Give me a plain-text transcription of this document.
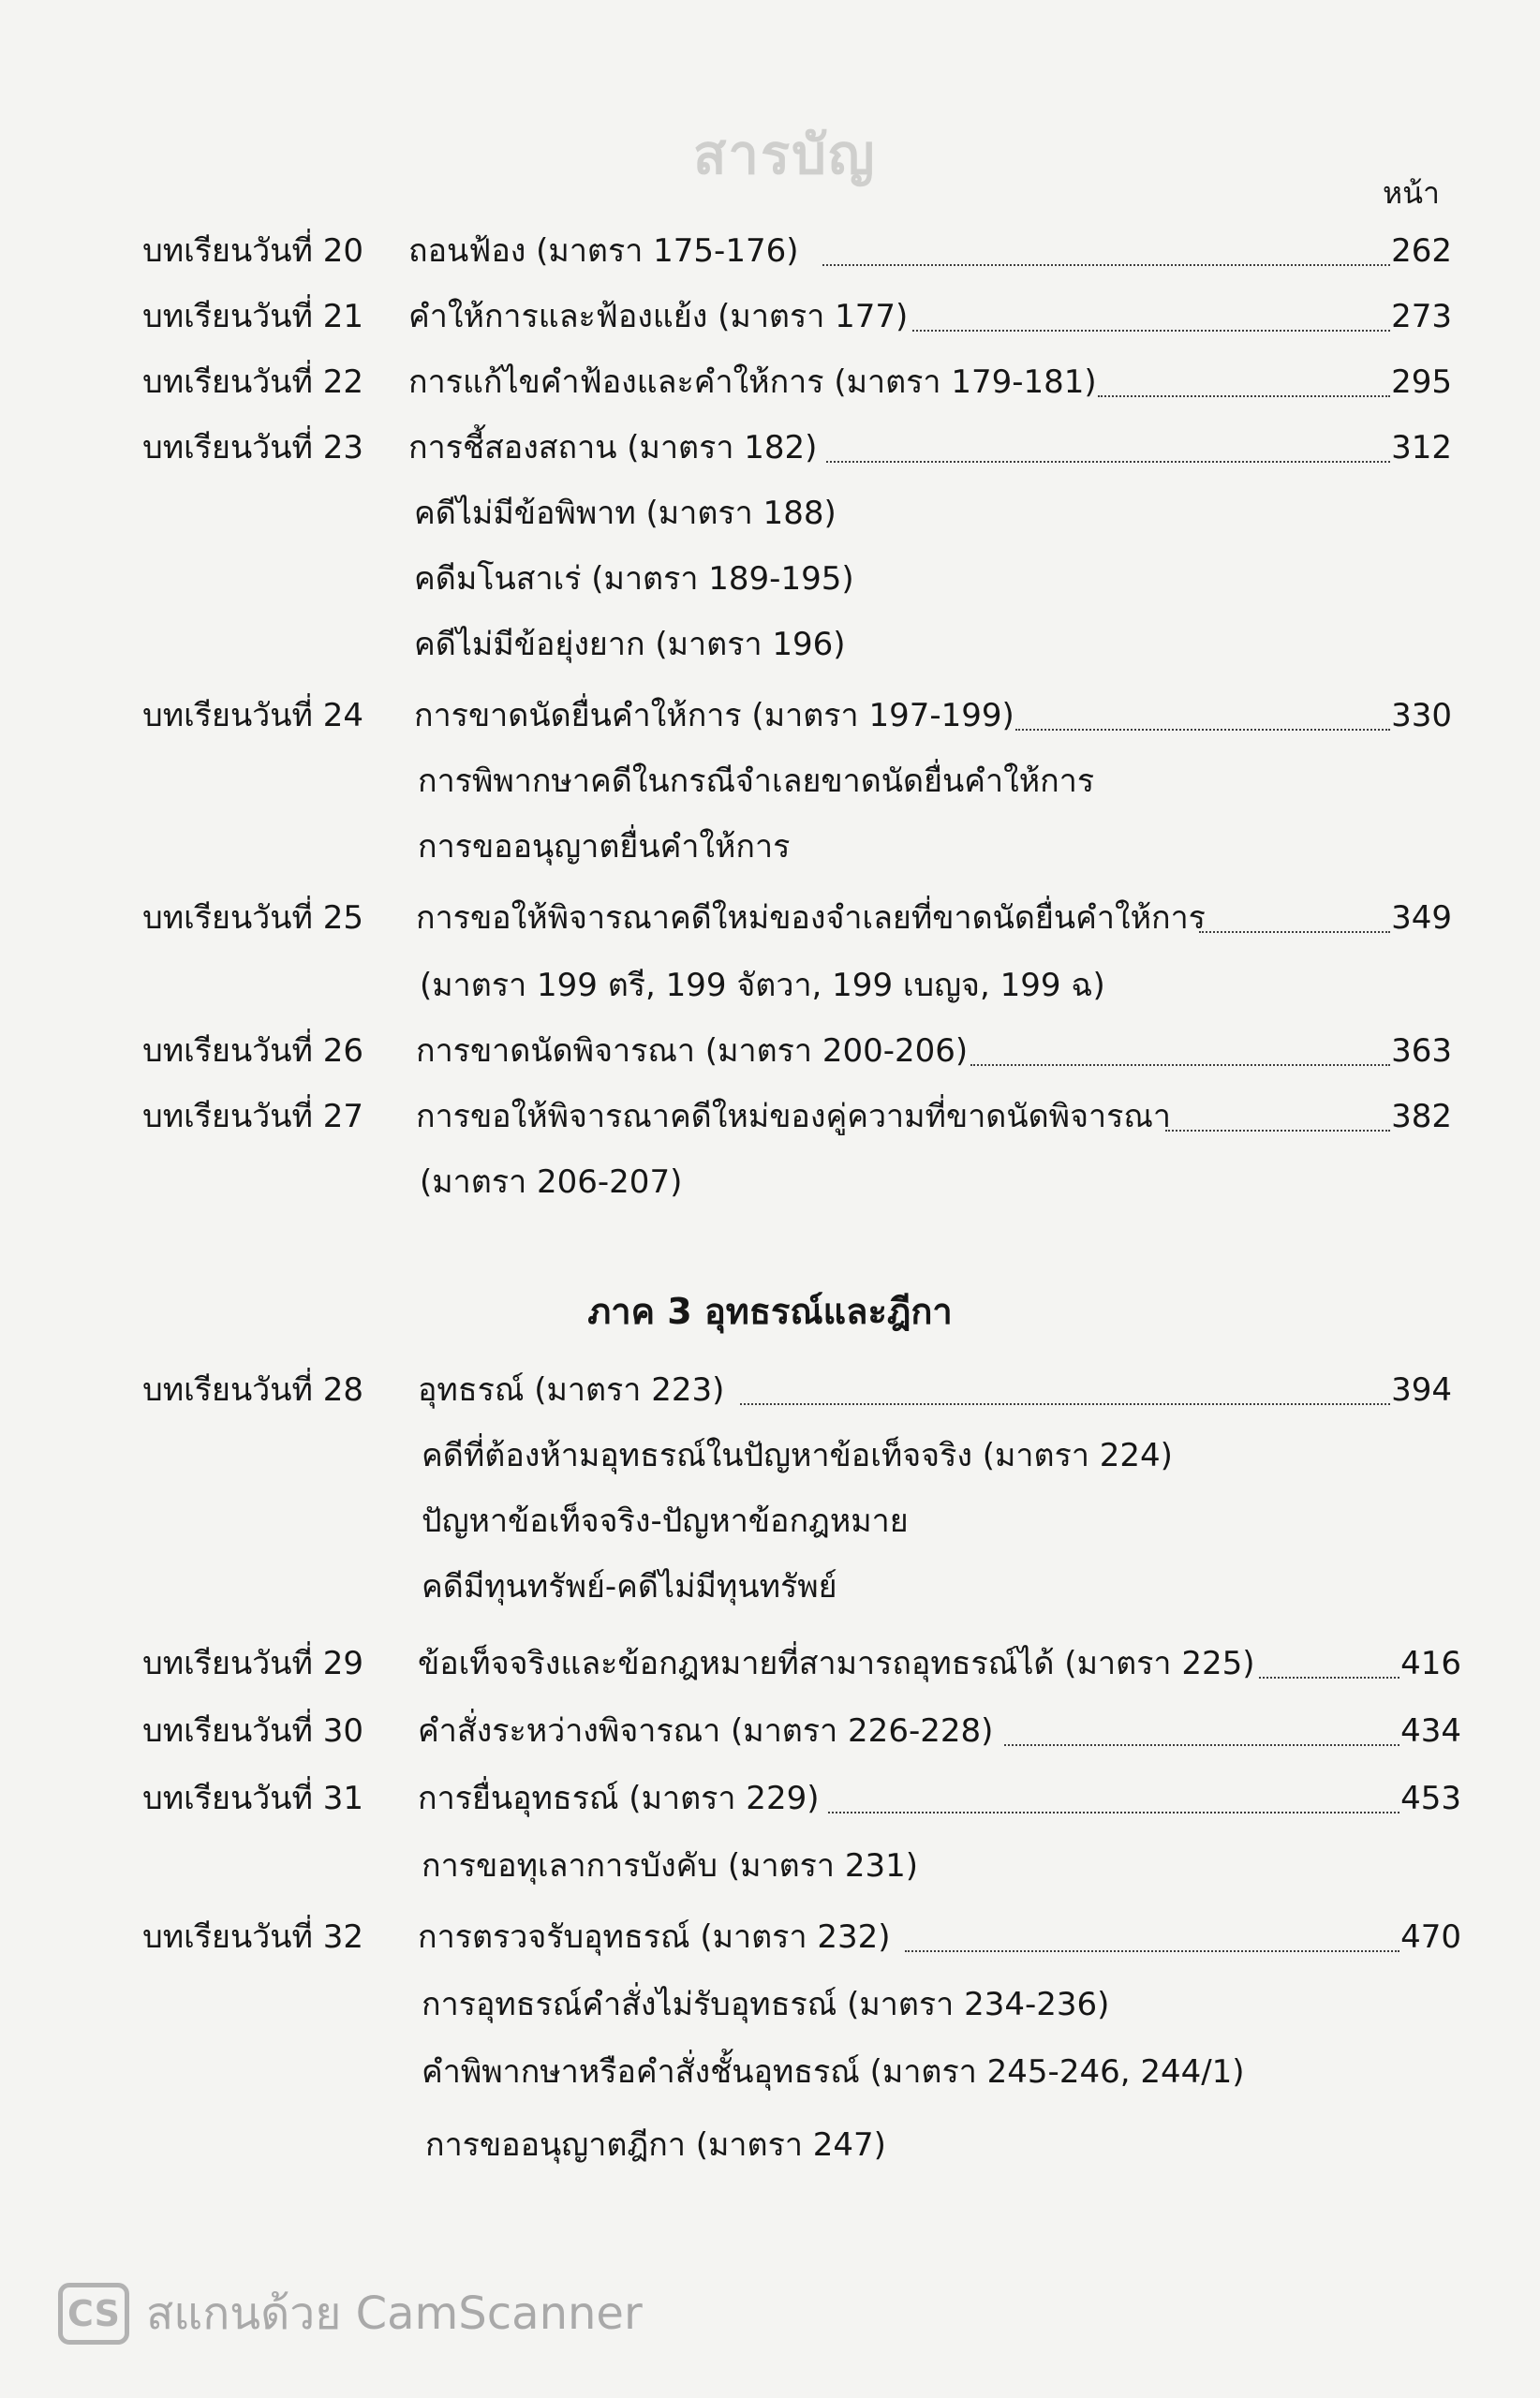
สารบัญ
หน้า
บทเรียนวันที่ 20 ถอนฟ้อง (มาตรา 175-176)	262
บทเรียนวันที่ 21 คำให้การและฟ้องแย้ง (มาตรา 177)	273
บทเรียนวันที่ 22 การแก้ไขคำฟ้องและคำให้การ (มาตรา 179-181)	295
บทเรียนวันที่ 23 การชี้สองสถาน (มาตรา 182)	312
คดีไม่มีข้อพิพาท (มาตรา 188)
คดีมโนสาเร่ (มาตรา 189-195)
คดีไม่มีข้อยุ่งยาก (มาตรา 196)
บทเรียนวันที่ 24 การขาดนัดยื่นคำให้การ (มาตรา 197-199)	330
การพิพากษาคดีในกรณีจำเลยขาดนัดยื่นคำให้การ
การขออนุญาตยื่นคำให้การ
บทเรียนวันที่ 25 การขอให้พิจารณาคดีใหม่ของจำเลยที่ขาดนัดยื่นคำให้การ	349
(มาตรา 199 ตรี, 199 จัตวา, 199 เบญจ, 199 ฉ)
บทเรียนวันที่ 26 การขาดนัดพิจารณา (มาตรา 200-206)	363
บทเรียนวันที่ 27 การขอให้พิจารณาคดีใหม่ของคู่ความที่ขาดนัดพิจารณา	382
(มาตรา 206-207)
ภาค 3 อุทธรณ์และฎีกา
บทเรียนวันที่ 28 อุทธรณ์ (มาตรา 223)	394
คดีที่ต้องห้ามอุทธรณ์ในปัญหาข้อเท็จจริง (มาตรา 224)
ปัญหาข้อเท็จจริง-ปัญหาข้อกฎหมาย
คดีมีทุนทรัพย์-คดีไม่มีทุนทรัพย์
บทเรียนวันที่ 29 ข้อเท็จจริงและข้อกฎหมายที่สามารถอุทธรณ์ได้ (มาตรา 225)	416
บทเรียนวันที่ 30 คำสั่งระหว่างพิจารณา (มาตรา 226-228)	434
บทเรียนวันที่ 31 การยื่นอุทธรณ์ (มาตรา 229)	453
การขอทุเลาการบังคับ (มาตรา 231)
บทเรียนวันที่ 32 การตรวจรับอุทธรณ์ (มาตรา 232)	470
การอุทธรณ์คำสั่งไม่รับอุทธรณ์ (มาตรา 234-236)
คำพิพากษาหรือคำสั่งชั้นอุทธรณ์ (มาตรา 245-246, 244/1)
การขออนุญาตฎีกา (มาตรา 247)
CS สแกนด้วย CamScanner
